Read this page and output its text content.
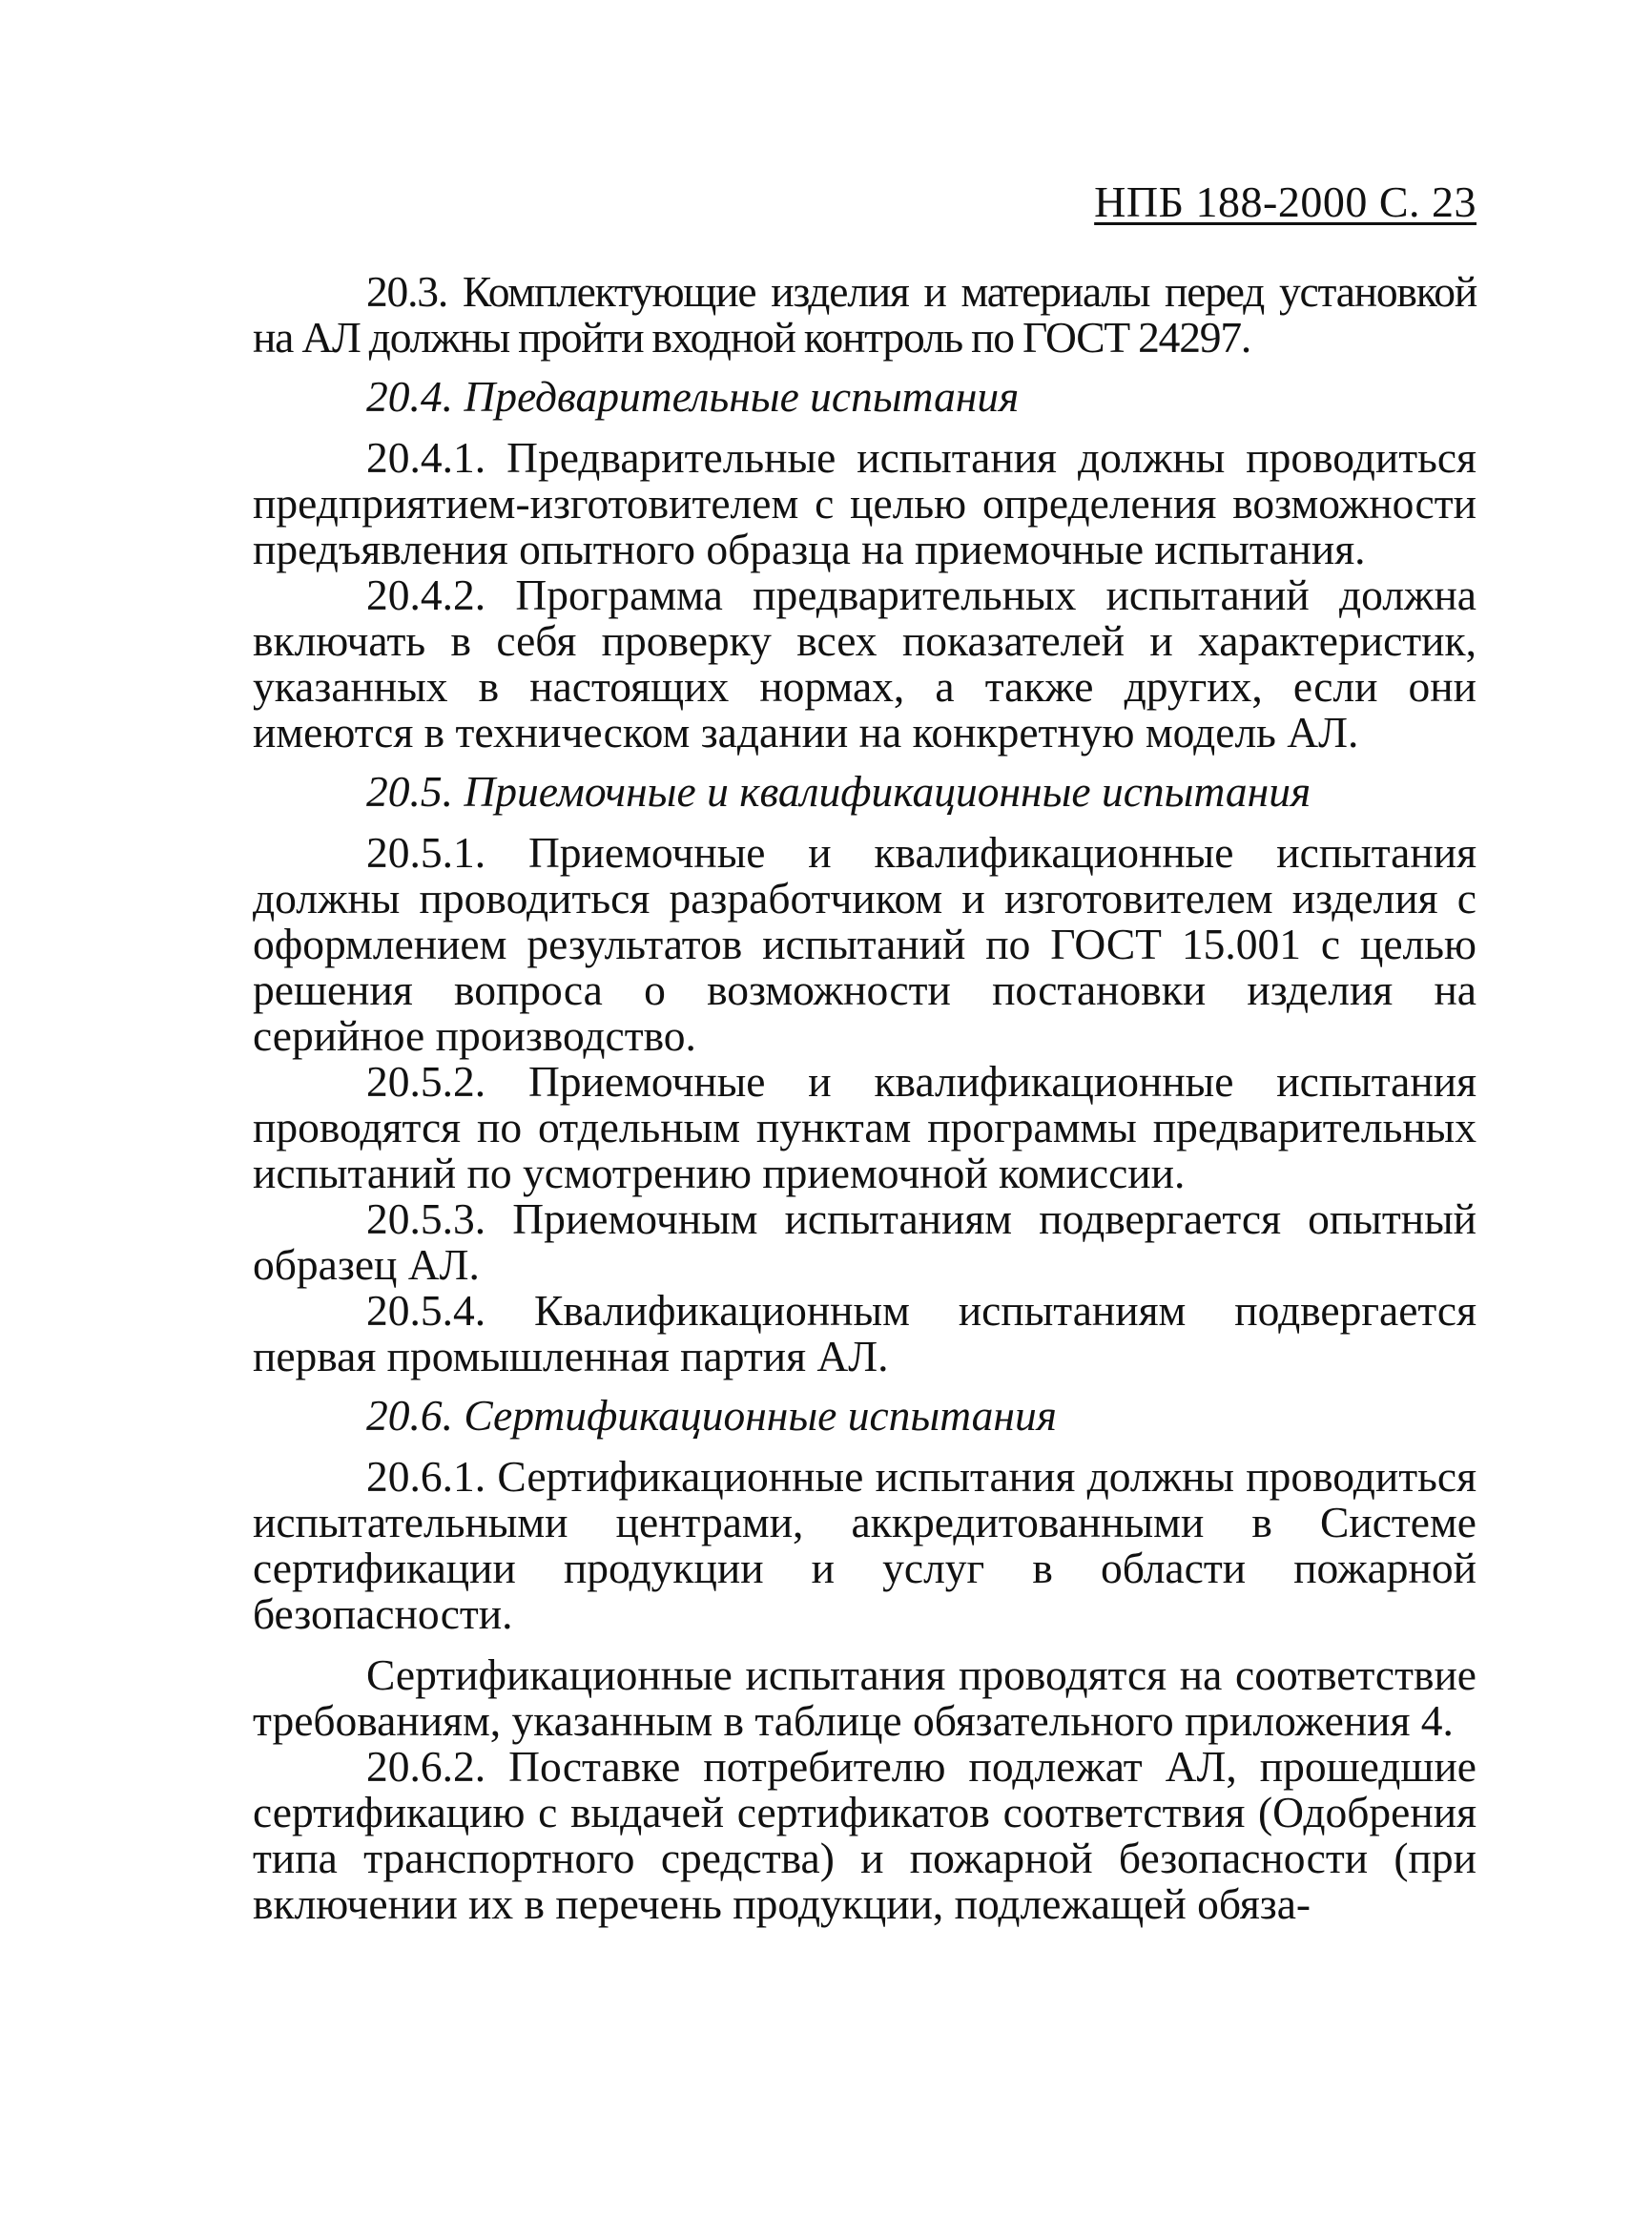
НПБ 188-2000 С. 23

20.3. Комплектующие изделия и материалы перед установкой на АЛ должны пройти входной контроль по ГОСТ 24297.

20.4. Предварительные испытания

20.4.1. Предварительные испытания должны проводиться предприятием-изготовителем с целью определения возможности предъявления опытного образца на приемочные испытания.

20.4.2. Программа предварительных испытаний должна включать в себя проверку всех показателей и характеристик, указанных в настоящих нормах, а также других, если они имеются в техническом задании на конкретную модель АЛ.

20.5. Приемочные и квалификационные испытания

20.5.1. Приемочные и квалификационные испытания должны проводиться разработчиком и изготовителем изделия с оформлением результатов испытаний по ГОСТ 15.001 с целью решения вопроса о возможности постановки изделия на серийное производство.

20.5.2. Приемочные и квалификационные испытания проводятся по отдельным пунктам программы предварительных испытаний по усмотрению приемочной комиссии.

20.5.3. Приемочным испытаниям подвергается опытный образец АЛ.

20.5.4. Квалификационным испытаниям подвергается первая промышленная партия АЛ.

20.6. Сертификационные испытания

20.6.1. Сертификационные испытания должны проводиться испытательными центрами, аккредитованными в Системе сертификации продукции и услуг в области пожарной безопасности.

Сертификационные испытания проводятся на соответствие требованиям, указанным в таблице обязательного приложения 4.

20.6.2. Поставке потребителю подлежат АЛ, прошедшие сертификацию с выдачей сертификатов соответствия (Одобрения типа транспортного средства) и пожарной безопасности (при включении их в перечень продукции, подлежащей обяза-
